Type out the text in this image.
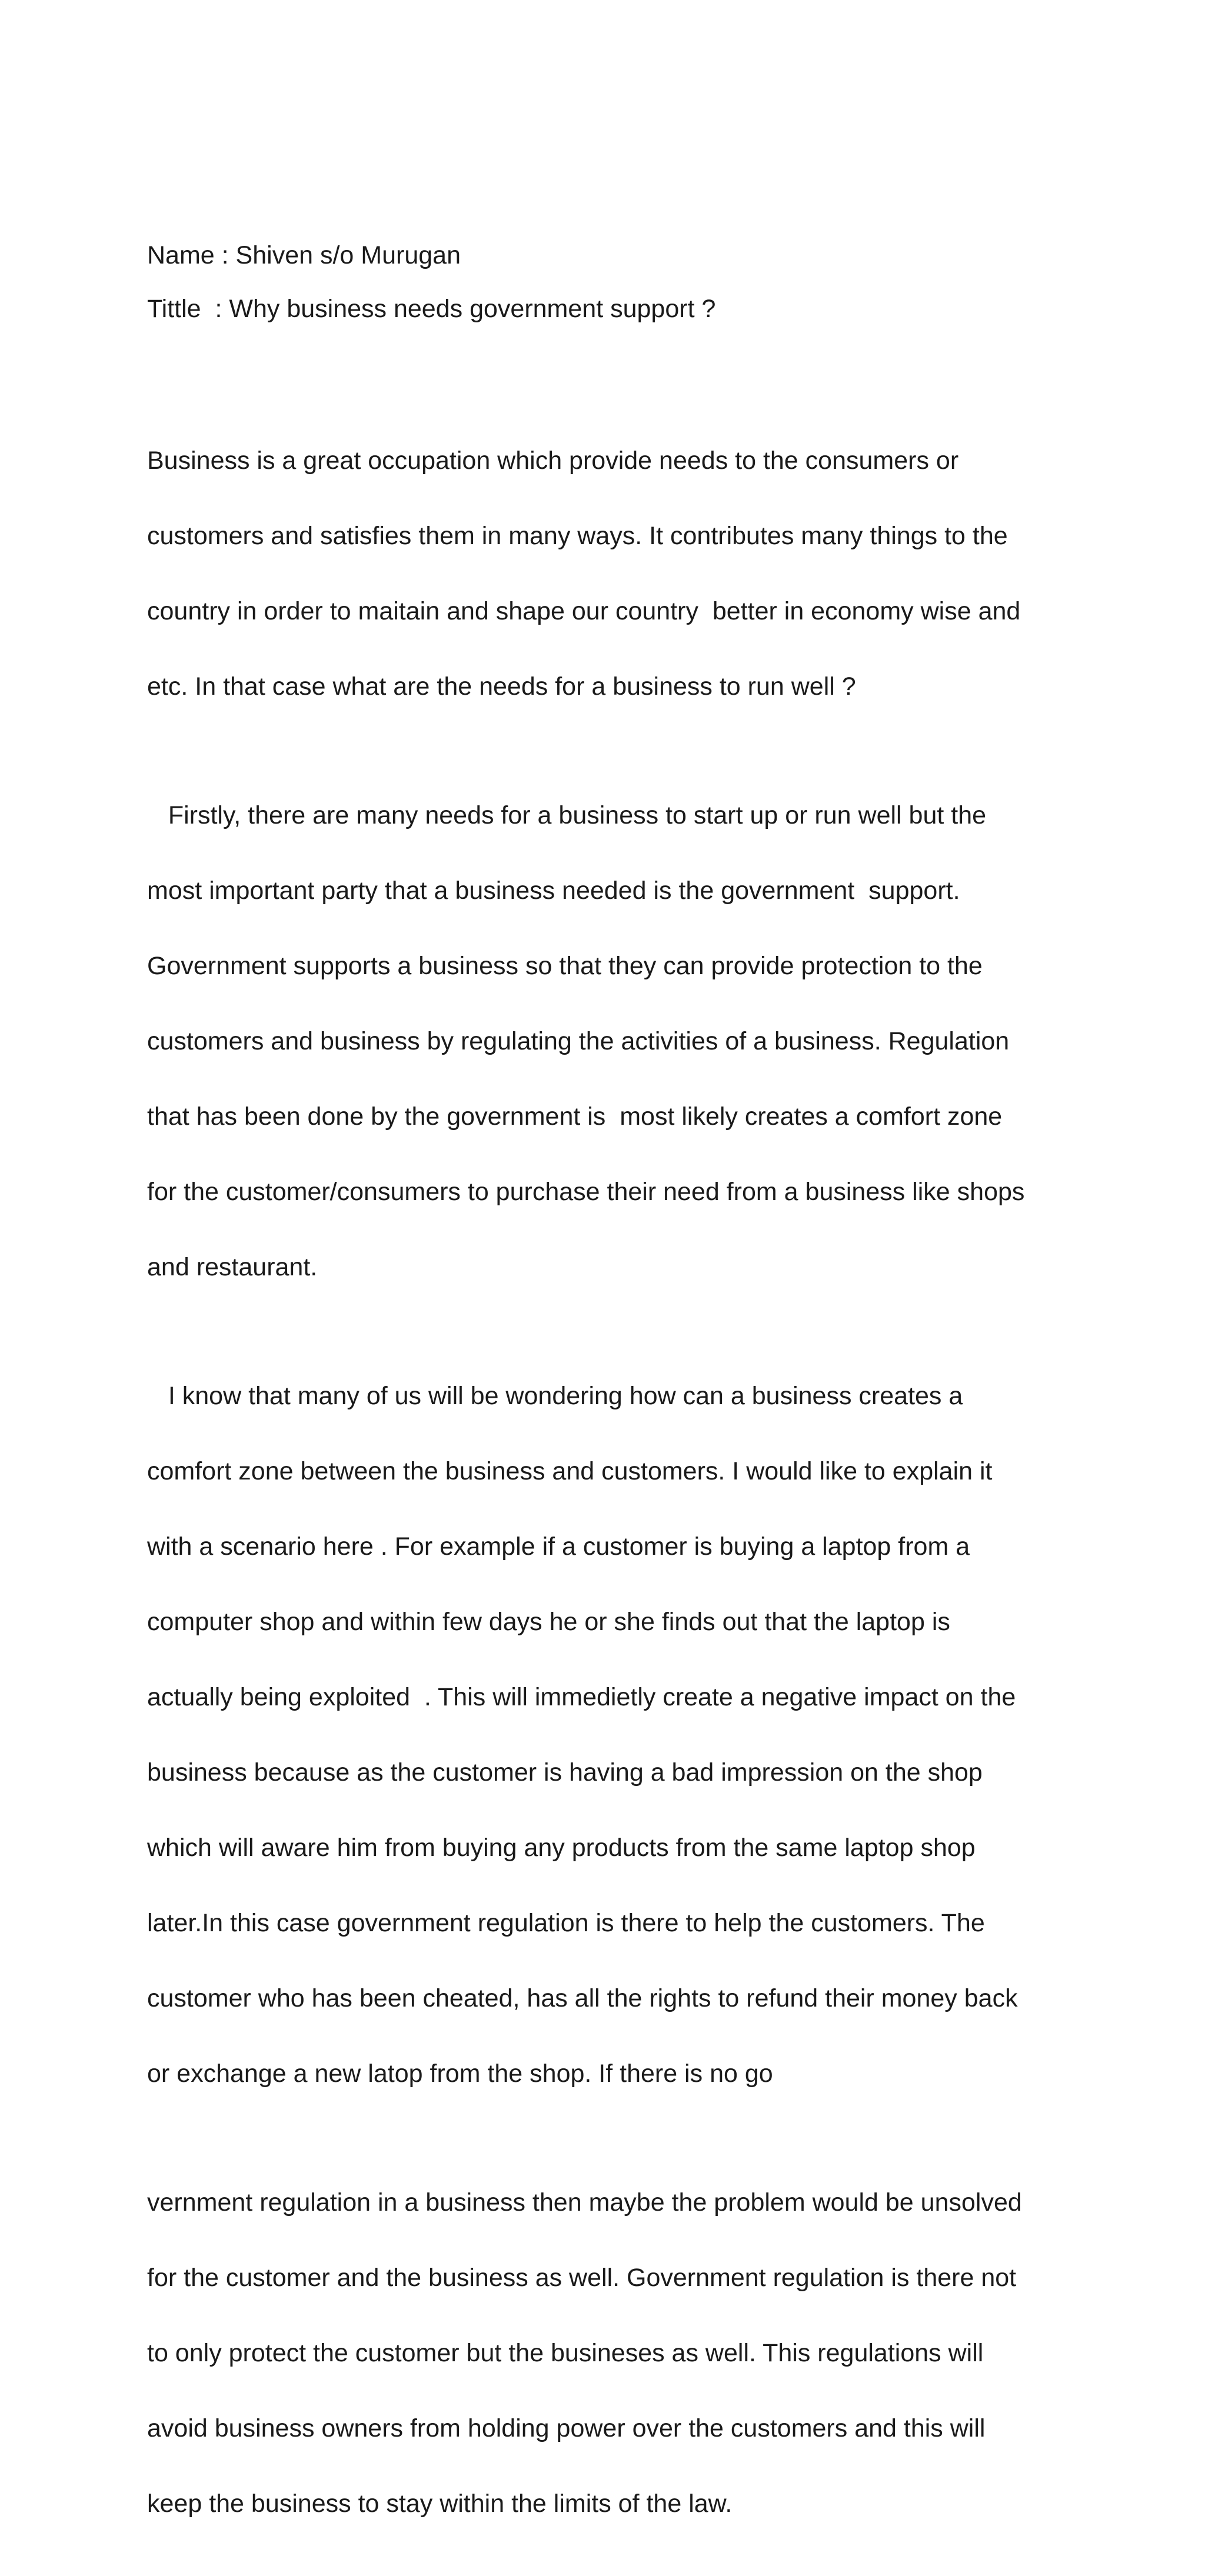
Name : Shiven s/o Murugan
Tittle  : Why business needs government support ?

Business is a great occupation which provide needs to the consumers or

customers and satisfies them in many ways. It contributes many things to the

country in order to maitain and shape our country  better in economy wise and

etc. In that case what are the needs for a business to run well ?

Firstly, there are many needs for a business to start up or run well but the

most important party that a business needed is the government  support.

Government supports a business so that they can provide protection to the

customers and business by regulating the activities of a business. Regulation

that has been done by the government is  most likely creates a comfort zone

for the customer/consumers to purchase their need from a business like shops

and restaurant.

I know that many of us will be wondering how can a business creates a

comfort zone between the business and customers. I would like to explain it

with a scenario here . For example if a customer is buying a laptop from a

computer shop and within few days he or she finds out that the laptop is

actually being exploited  . This will immedietly create a negative impact on the

business because as the customer is having a bad impression on the shop

which will aware him from buying any products from the same laptop shop

later.In this case government regulation is there to help the customers. The

customer who has been cheated, has all the rights to refund their money back

or exchange a new latop from the shop. If there is no go

vernment regulation in a business then maybe the problem would be unsolved

for the customer and the business as well. Government regulation is there not

to only protect the customer but the busineses as well. This regulations will

avoid business owners from holding power over the customers and this will

keep the business to stay within the limits of the law.
